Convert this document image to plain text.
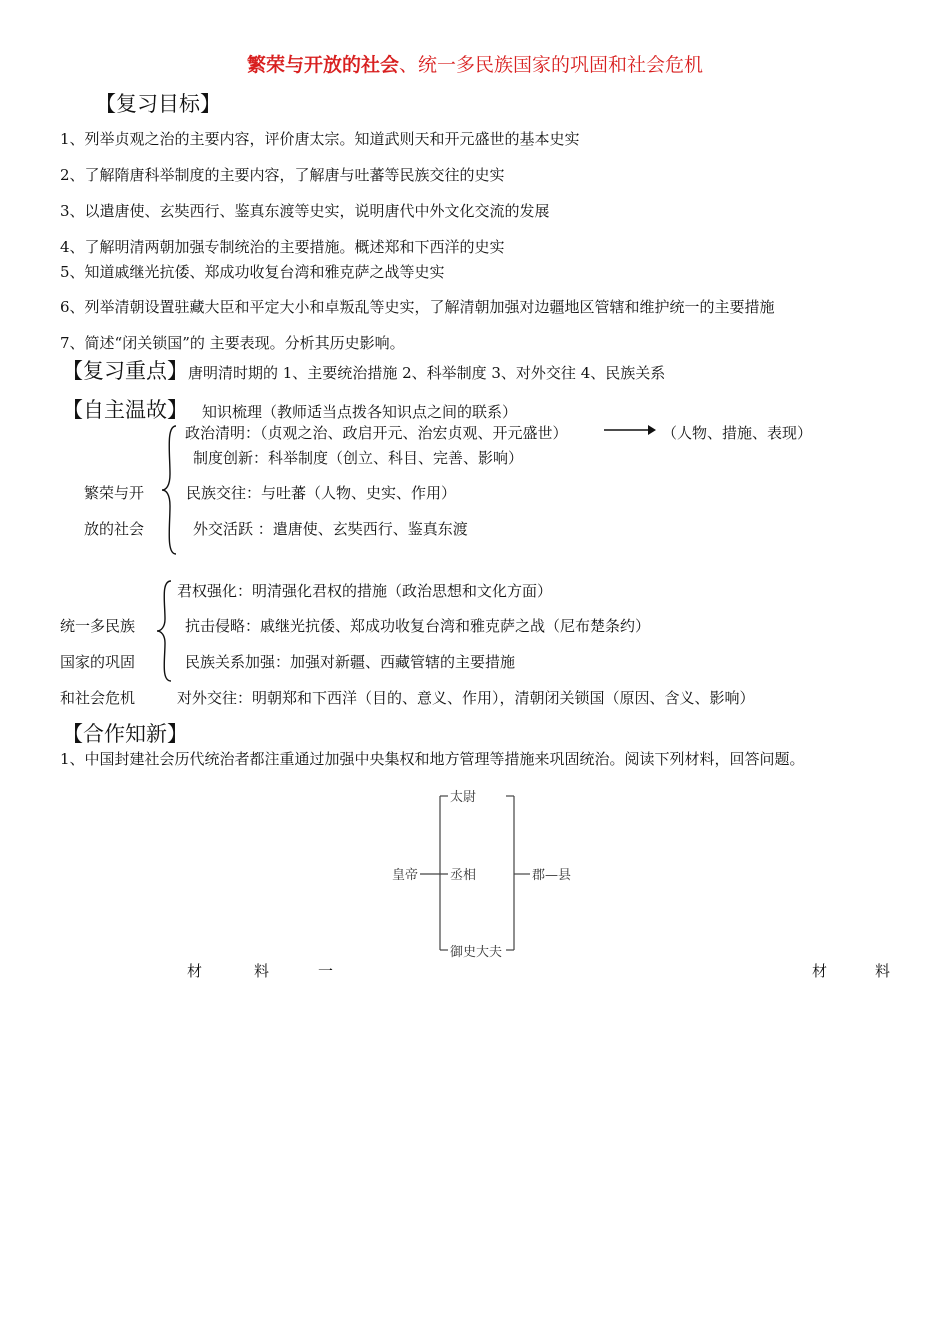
繁荣与开放的社会、统一多民族国家的巩固和社会危机
【复习目标】
1、列举贞观之治的主要内容，评价唐太宗。知道武则天和开元盛世的基本史实
2、了解隋唐科举制度的主要内容，了解唐与吐蕃等民族交往的史实
3、以遣唐使、玄奘西行、鉴真东渡等史实，说明唐代中外文化交流的发展
4、了解明清两朝加强专制统治的主要措施。概述郑和下西洋的史实
5、知道戚继光抗倭、郑成功收复台湾和雅克萨之战等史实
6、列举清朝设置驻藏大臣和平定大小和卓叛乱等史实，了解清朝加强对边疆地区管辖和维护统一的主要措施
7、简述“闭关锁国”的 主要表现。分析其历史影响。
【复习重点】唐明清时期的 1、主要统治措施 2、科举制度 3、对外交往 4、民族关系
【自主温故】 知识梳理（教师适当点拨各知识点之间的联系）
繁荣与开
放的社会
政治清明：（贞观之治、政启开元、治宏贞观、开元盛世）	（人物、措施、表现）
制度创新：科举制度（创立、科目、完善、影响）
民族交往：与吐蕃（人物、史实、作用）
外交活跃 ：遣唐使、玄奘西行、鉴真东渡
统一多民族
国家的巩固
和社会危机
君权强化：明清强化君权的措施（政治思想和文化方面）
抗击侵略：戚继光抗倭、郑成功收复台湾和雅克萨之战（尼布楚条约）
民族关系加强：加强对新疆、西藏管辖的主要措施
对外交往：明朝郑和下西洋（目的、意义、作用），清朝闭关锁国（原因、含义、影响）
【合作知新】
1、中国封建社会历代统治者都注重通过加强中央集权和地方管理等措施来巩固统治。阅读下列材料，回答问题。
皇帝
太尉
丞相
御史大夫
郡—县
材	料	一	材	料
